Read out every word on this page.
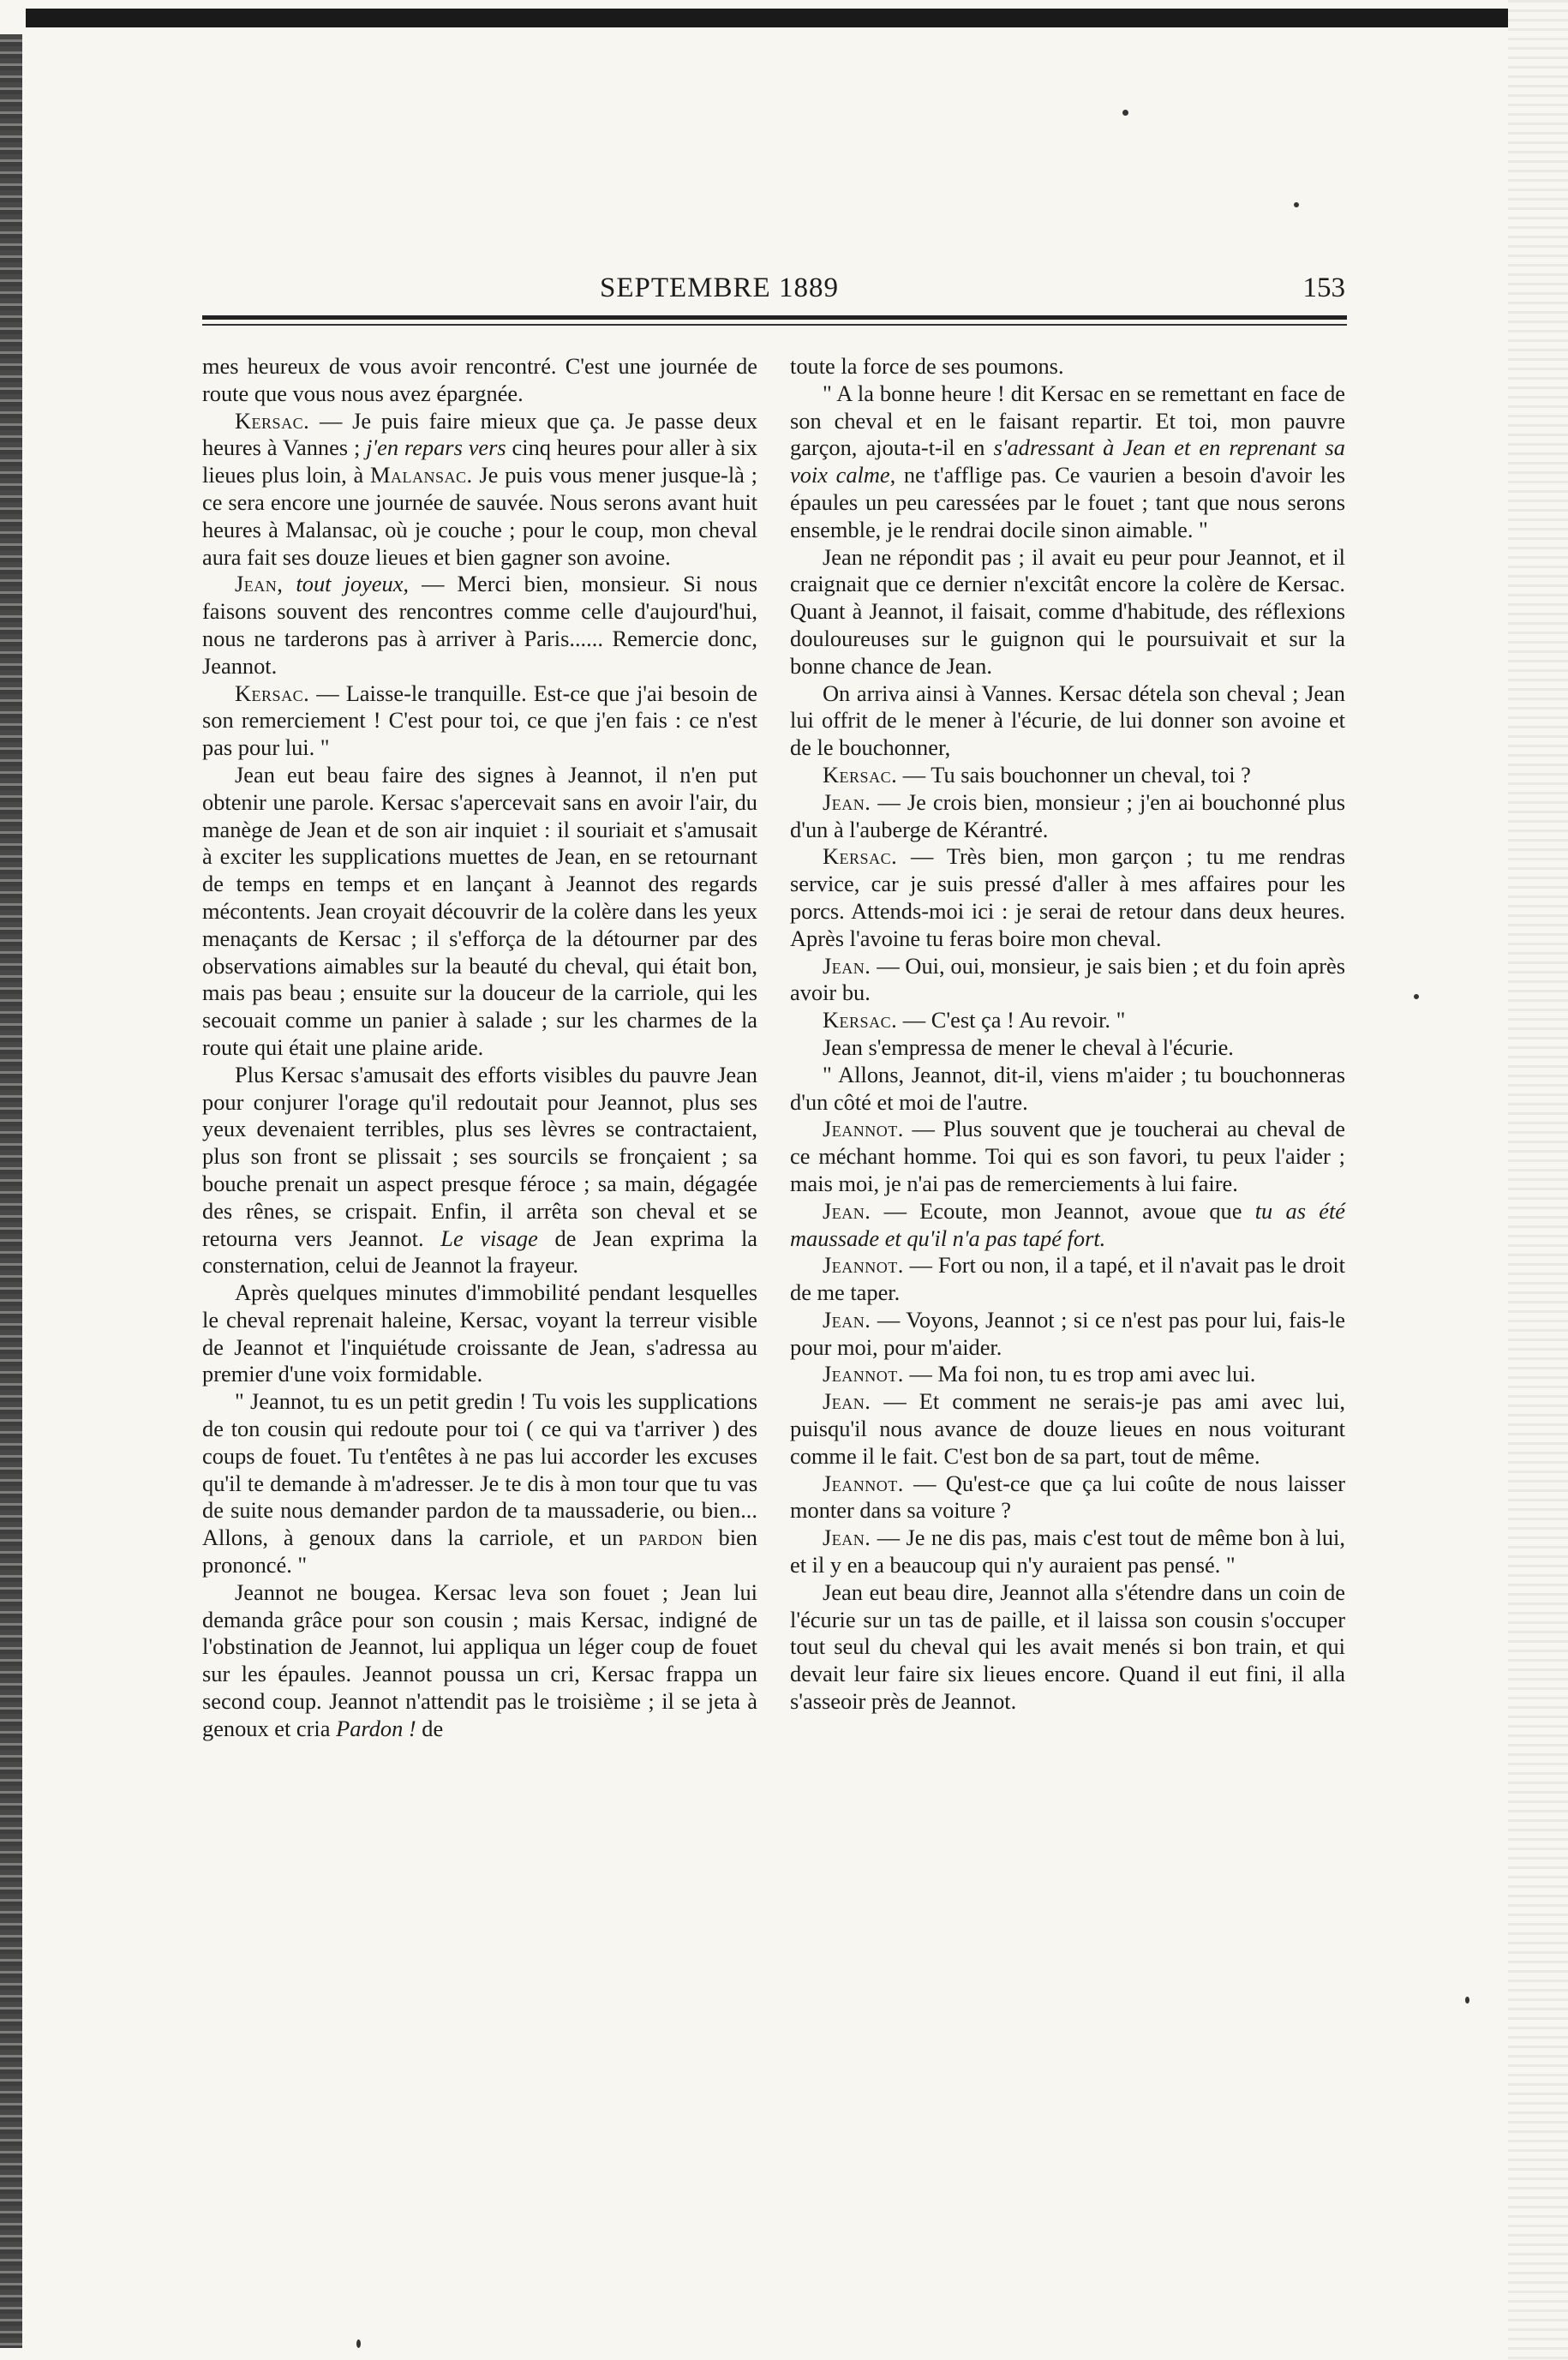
SEPTEMBRE 1889	153

mes heureux de vous avoir rencontré. C'est une journée de route que vous nous avez épargnée.

Kersac. — Je puis faire mieux que ça. Je passe deux heures à Vannes ; j'en repars vers cinq heures pour aller à six lieues plus loin, à Malansac. Je puis vous mener jusque-là ; ce sera encore une journée de sauvée. Nous serons avant huit heures à Malansac, où je couche ; pour le coup, mon cheval aura fait ses douze lieues et bien gagner son avoine.

Jean, tout joyeux, — Merci bien, monsieur. Si nous faisons souvent des rencontres comme celle d'aujourd'hui, nous ne tarderons pas à arriver à Paris...... Remercie donc, Jeannot.

Kersac. — Laisse-le tranquille. Est-ce que j'ai besoin de son remerciement ! C'est pour toi, ce que j'en fais : ce n'est pas pour lui. "

Jean eut beau faire des signes à Jeannot, il n'en put obtenir une parole. Kersac s'apercevait sans en avoir l'air, du manège de Jean et de son air inquiet : il souriait et s'amusait à exciter les supplications muettes de Jean, en se retournant de temps en temps et en lançant à Jeannot des regards mécontents. Jean croyait découvrir de la colère dans les yeux menaçants de Kersac ; il s'efforça de la détourner par des observations aimables sur la beauté du cheval, qui était bon, mais pas beau ; ensuite sur la douceur de la carriole, qui les secouait comme un panier à salade ; sur les charmes de la route qui était une plaine aride.

Plus Kersac s'amusait des efforts visibles du pauvre Jean pour conjurer l'orage qu'il redoutait pour Jeannot, plus ses yeux devenaient terribles, plus ses lèvres se contractaient, plus son front se plissait ; ses sourcils se fronçaient ; sa bouche prenait un aspect presque féroce ; sa main, dégagée des rênes, se crispait. Enfin, il arrêta son cheval et se retourna vers Jeannot. Le visage de Jean exprima la consternation, celui de Jeannot la frayeur.

Après quelques minutes d'immobilité pendant lesquelles le cheval reprenait haleine, Kersac, voyant la terreur visible de Jeannot et l'inquiétude croissante de Jean, s'adressa au premier d'une voix formidable.

" Jeannot, tu es un petit gredin ! Tu vois les supplications de ton cousin qui redoute pour toi ( ce qui va t'arriver ) des coups de fouet. Tu t'entêtes à ne pas lui accorder les excuses qu'il te demande à m'adresser. Je te dis à mon tour que tu vas de suite nous demander pardon de ta maussaderie, ou bien... Allons, à genoux dans la carriole, et un pardon bien prononcé. "

Jeannot ne bougea. Kersac leva son fouet ; Jean lui demanda grâce pour son cousin ; mais Kersac, indigné de l'obstination de Jeannot, lui appliqua un léger coup de fouet sur les épaules. Jeannot poussa un cri, Kersac frappa un second coup. Jeannot n'attendit pas le troisième ; il se jeta à genoux et cria Pardon ! de

toute la force de ses poumons.

" A la bonne heure ! dit Kersac en se remettant en face de son cheval et en le faisant repartir. Et toi, mon pauvre garçon, ajouta-t-il en s'adressant à Jean et en reprenant sa voix calme, ne t'afflige pas. Ce vaurien a besoin d'avoir les épaules un peu caressées par le fouet ; tant que nous serons ensemble, je le rendrai docile sinon aimable. "

Jean ne répondit pas ; il avait eu peur pour Jeannot, et il craignait que ce dernier n'excitât encore la colère de Kersac. Quant à Jeannot, il faisait, comme d'habitude, des réflexions douloureuses sur le guignon qui le poursuivait et sur la bonne chance de Jean.

On arriva ainsi à Vannes. Kersac dételа son cheval ; Jean lui offrit de le mener à l'écurie, de lui donner son avoine et de le bouchonner,

Kersac. — Tu sais bouchonner un cheval, toi ?

Jean. — Je crois bien, monsieur ; j'en ai bouchonné plus d'un à l'auberge de Kérantré.

Kersac. — Très bien, mon garçon ; tu me rendras service, car je suis pressé d'aller à mes affaires pour les porcs. Attends-moi ici : je serai de retour dans deux heures. Après l'avoine tu feras boire mon cheval.

Jean. — Oui, oui, monsieur, je sais bien ; et du foin après avoir bu.

Kersac. — C'est ça ! Au revoir. "

Jean s'empressa de mener le cheval à l'écurie.

" Allons, Jeannot, dit-il, viens m'aider ; tu bouchonneras d'un côté et moi de l'autre.

Jeannot. — Plus souvent que je toucherai au cheval de ce méchant homme. Toi qui es son favori, tu peux l'aider ; mais moi, je n'ai pas de remerciements à lui faire.

Jean. — Ecoute, mon Jeannot, avoue que tu as été maussade et qu'il n'a pas tapé fort.

Jeannot. — Fort ou non, il a tapé, et il n'avait pas le droit de me taper.

Jean. — Voyons, Jeannot ; si ce n'est pas pour lui, fais-le pour moi, pour m'aider.

Jeannot. — Ma foi non, tu es trop ami avec lui.

Jean. — Et comment ne serais-je pas ami avec lui, puisqu'il nous avance de douze lieues en nous voiturant comme il le fait. C'est bon de sa part, tout de même.

Jeannot. — Qu'est-ce que ça lui coûte de nous laisser monter dans sa voiture ?

Jean. — Je ne dis pas, mais c'est tout de même bon à lui, et il y en a beaucoup qui n'y auraient pas pensé. "

Jean eut beau dire, Jeannot alla s'étendre dans un coin de l'écurie sur un tas de paille, et il laissa son cousin s'occuper tout seul du cheval qui les avait menés si bon train, et qui devait leur faire six lieues encore. Quand il eut fini, il alla s'asseoir près de Jeannot.
